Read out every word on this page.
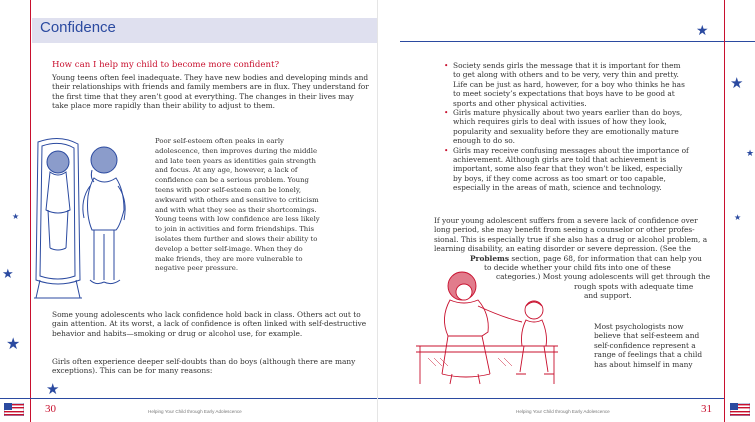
Confidence
How can I help my child to become more confident?

Young teens often feel inadequate. They have new bodies and developing minds and their relationships with friends and family members are in flux. They understand for the first time that they aren’t good at everything. The changes in their lives may take place more rapidly than their ability to adjust to them.

Poor self-esteem often peaks in early adolescence, then improves during the middle and late teen years as identities gain strength and focus. At any age, however, a lack of confidence can be a serious problem. Young teens with poor self-esteem can be lonely, awkward with others and sensitive to criticism and with what they see as their shortcomings. Young teens with low confidence are less likely to join in activities and form friendships. This isolates them further and slows their ability to develop a better self-image. When they do make friends, they are more vulnerable to negative peer pressure.

Some young adolescents who lack confidence hold back in class. Others act out to gain attention. At its worst, a lack of confidence is often linked with self-destructive behavior and habits—smoking or drug or alcohol use, for example.

Girls often experience deeper self-doubts than do boys (although there are many exceptions). This can be for many reasons:

★
★
★
★
30	Helping Your Child through Early Adolescence
★
★
★
★
• Society sends girls the message that it is important for them to get along with others and to be very, very thin and pretty. Life can be just as hard, however, for a boy who thinks he has to meet society’s expectations that boys have to be good at sports and other physical activities.
• Girls mature physically about two years earlier than do boys, which requires girls to deal with issues of how they look, popularity and sexuality before they are emotionally mature enough to do so.
• Girls may receive confusing messages about the importance of achievement. Although girls are told that achievement is important, some also fear that they won’t be liked, especially by boys, if they come across as too smart or too capable, especially in the areas of math, science and technology.
If your young adolescent suffers from a severe lack of confidence over
long period, she may benefit from seeing a counselor or other profes-
sional. This is especially true if she also has a drug or alcohol problem, a
learning disability, an eating disorder or severe depression. (See the
Problems section, page 68, for information that can help you
to decide whether your child fits into one of these
categories.) Most young adolescents will get through the
rough spots with adequate time
and support.
Most psychologists now
believe that self-esteem and
self-confidence represent a
range of feelings that a child
has about himself in many
Helping Your Child through Early Adolescence	31
